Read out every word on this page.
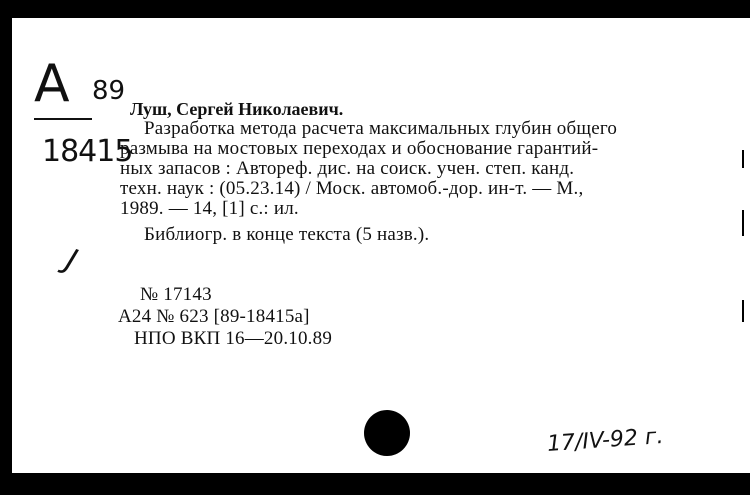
А 89
18415
Луш, Сергей Николаевич.
Разработка метода расчета максимальных глубин общего
размыва на мостовых переходах и обоснование гарантий-
ных запасов : Автореф. дис. на соиск. учен. степ. канд.
техн. наук : (05.23.14) / Моск. автомоб.-дор. ин-т. — М.,
1989. — 14, [1] с.: ил.
Библиогр. в конце текста (5 назв.).
J
№ 17143
А24 № 623 [89-18415а]
НПО ВКП 16—20.10.89
17/IV-92 г.
